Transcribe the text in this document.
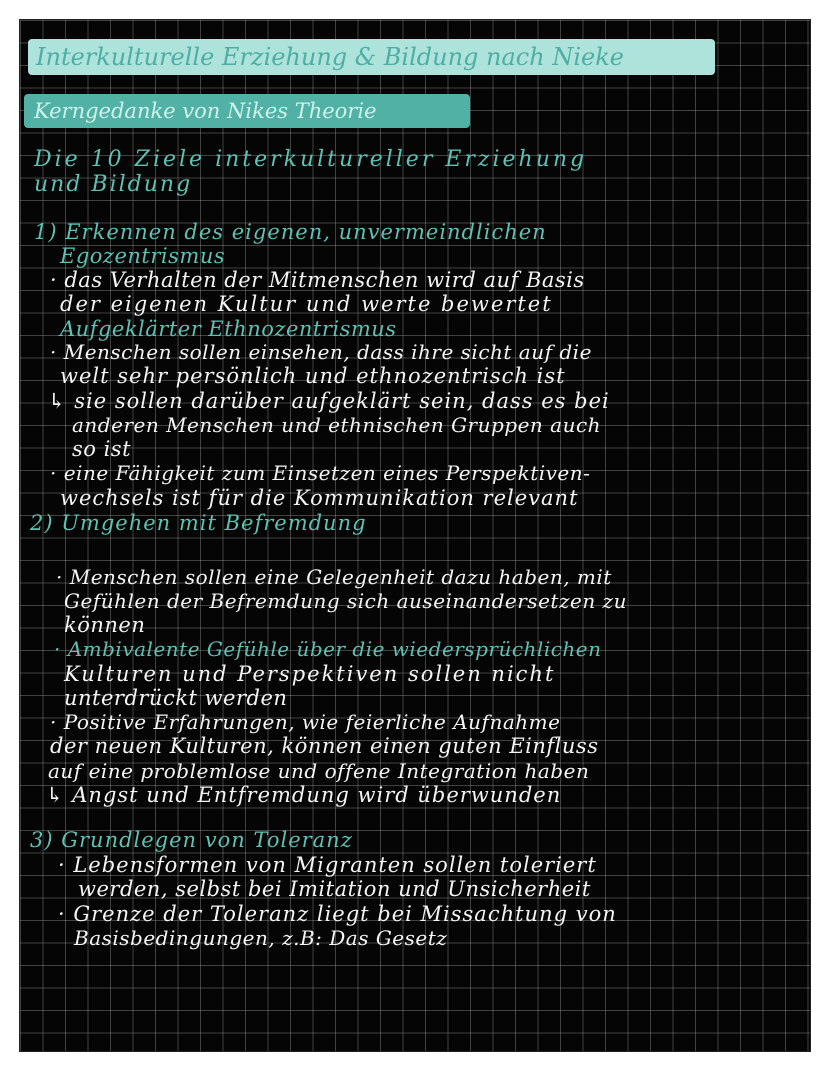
Interkulturelle Erziehung & Bildung nach Nieke
Kerngedanke von Nikes Theorie
Die 10 Ziele interkultureller Erziehung
und Bildung
1) Erkennen des eigenen, unvermeindlichen
Egozentrismus
· das Verhalten der Mitmenschen wird auf Basis
der eigenen Kultur und werte bewertet
Aufgeklärter Ethnozentrismus
· Menschen sollen einsehen, dass ihre sicht auf die
welt sehr persönlich und ethnozentrisch ist
↳ sie sollen darüber aufgeklärt sein, dass es bei
anderen Menschen und ethnischen Gruppen auch
so ist
· eine Fähigkeit zum Einsetzen eines Perspektiven-
wechsels ist für die Kommunikation relevant
2) Umgehen mit Befremdung
· Menschen sollen eine Gelegenheit dazu haben, mit
Gefühlen der Befremdung sich auseinandersetzen zu
können
· Ambivalente Gefühle über die wiedersprüchlichen
Kulturen und Perspektiven sollen nicht
unterdrückt werden
· Positive Erfahrungen, wie feierliche Aufnahme
der neuen Kulturen, können einen guten Einfluss
auf eine problemlose und offene Integration haben
↳ Angst und Entfremdung wird überwunden
3) Grundlegen von Toleranz
· Lebensformen von Migranten sollen toleriert
werden, selbst bei Imitation und Unsicherheit
· Grenze der Toleranz liegt bei Missachtung von
Basisbedingungen, z.B: Das Gesetz
